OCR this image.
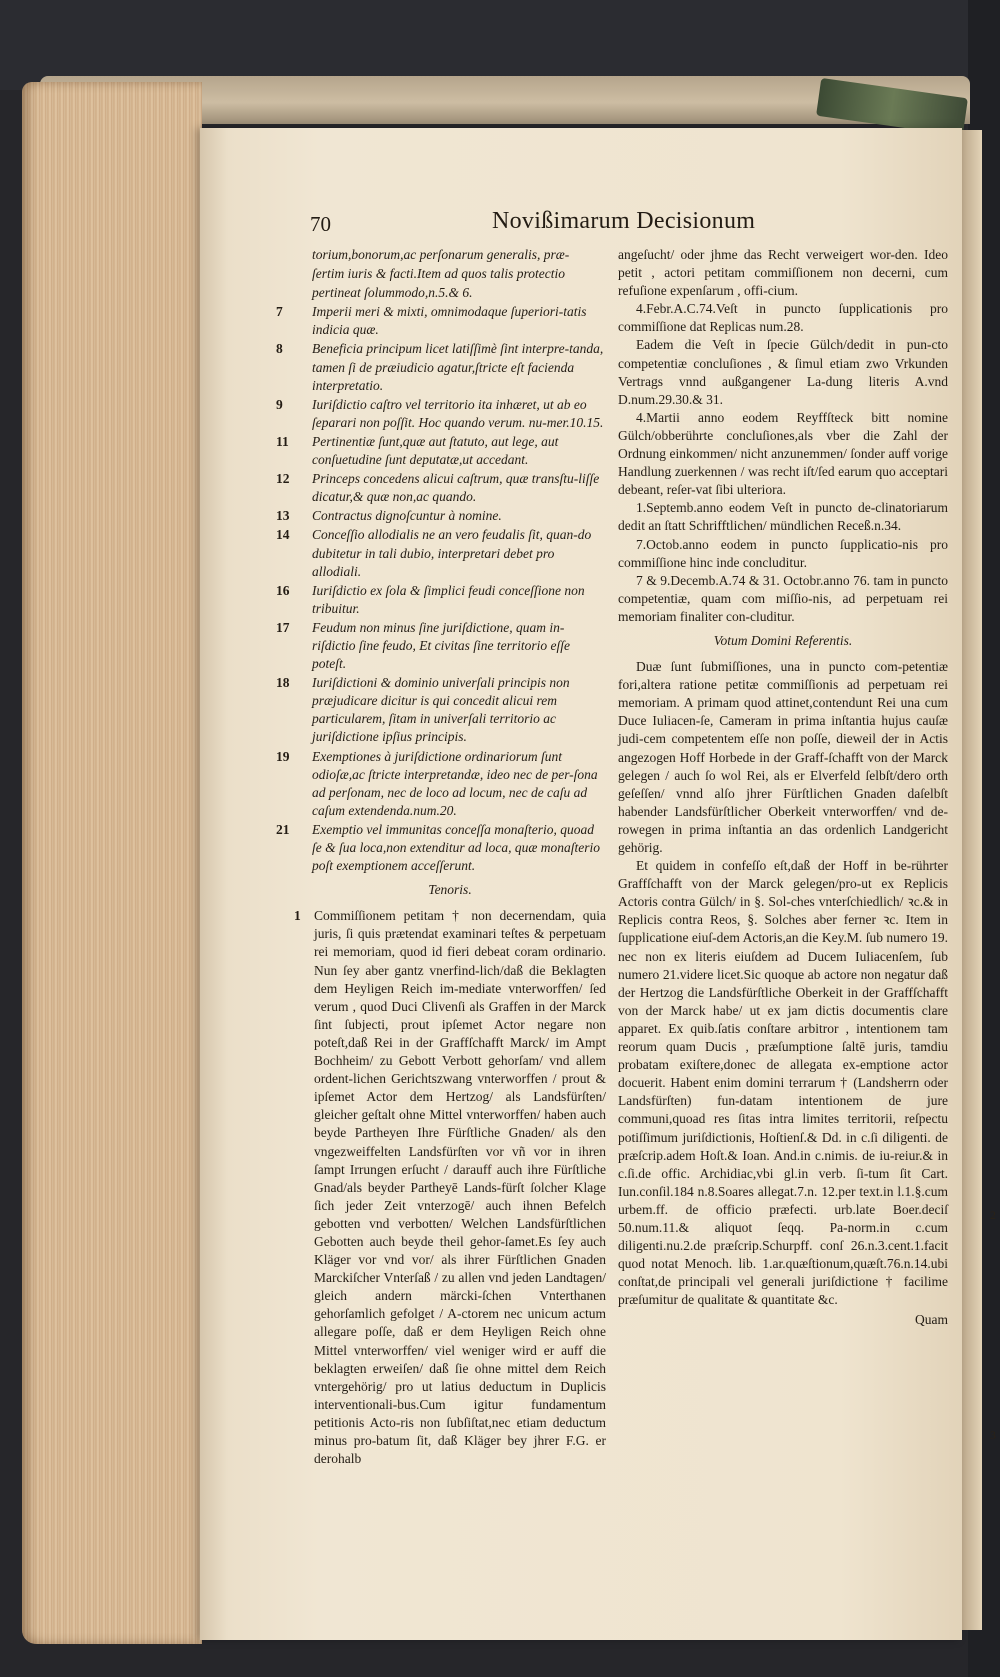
2
3
70	Novißimarum Decisionum

torium,bonorum,ac perſonarum generalis, præ-

ſertim iuris & facti.Item ad quos talis protectio

pertineat ſolummodo,n.5.& 6.

7 Imperii meri & mixti, omnimodaque ſuperiori-tatis indicia quæ.

8 Beneficia principum licet latiſſimè ſint interpre-tanda, tamen ſi de præiudicio agatur,ſtricte eſt facienda interpretatio.

9 Iuriſdictio caſtro vel territorio ita inhæret, ut ab eo ſeparari non poſſit. Hoc quando verum. nu-mer.10.15.

11 Pertinentiæ ſunt,quæ aut ſtatuto, aut lege, aut conſuetudine ſunt deputatæ,ut accedant.

12 Princeps concedens alicui caſtrum, quæ transſtu-liſſe dicatur,& quæ non,ac quando.

13 Contractus dignoſcuntur à nomine.

14 Conceſſio allodialis ne an vero feudalis ſit, quan-do dubitetur in tali dubio, interpretari debet pro allodiali.

16 Iuriſdictio ex ſola & ſimplici feudi conceſſione non tribuitur.

17 Feudum non minus ſine juriſdictione, quam in-riſdictio ſine feudo, Et civitas ſine territorio eſſe poteſt.

18 Iuriſdictioni & dominio univerſali principis non præjudicare dicitur is qui concedit alicui rem particularem, ſitam in univerſali territorio ac juriſdictione ipſius principis.

19 Exemptiones à juriſdictione ordinariorum ſunt odioſæ,ac ſtricte interpretandæ, ideo nec de per-ſona ad perſonam, nec de loco ad locum, nec de caſu ad caſum extendenda.num.20.

21 Exemptio vel immunitas conceſſa monaſterio, quoad ſe & ſua loca,non extenditur ad loca, quæ monaſterio poſt exemptionem acceſſerunt.

Tenoris.

1 Commiſſionem petitam † non decernendam, quia juris, ſi quis prætendat examinari teſtes & perpetuam rei memoriam, quod id fieri debeat coram ordinario. Nun ſey aber gantz vnerfind-lich/daß die Beklagten dem Heyligen Reich im-mediate vnterworffen/ ſed verum , quod Duci Clivenſi als Graffen in der Marck ſint ſubjecti, prout ipſemet Actor negare non poteſt,daß Rei in der Graffſchafft Marck/ im Ampt Bochheim/ zu Gebott Verbott gehorſam/ vnd allem ordent-lichen Gerichtszwang vnterworffen / prout & ipſemet Actor dem Hertzog/ als Landsfürſten/ gleicher geſtalt ohne Mittel vnterworffen/ haben auch beyde Partheyen Ihre Fürſtliche Gnaden/ als den vngezweiffelten Landsfürſten vor vñ vor in ihren ſampt Irrungen erſucht / darauff auch ihre Fürſtliche Gnad/als beyder Partheyē Lands-fürſt ſolcher Klage ſich jeder Zeit vnterzogē/ auch ihnen Befelch gebotten vnd verbotten/ Welchen Landsfürſtlichen Gebotten auch beyde theil gehor-ſamet.Es ſey auch Kläger vor vnd vor/ als ihrer Fürſtlichen Gnaden Marckiſcher Vnterſaß / zu allen vnd jeden Landtagen/ gleich andern märcki-ſchen Vnterthanen gehorſamlich gefolget / A-ctorem nec unicum actum allegare poſſe, daß er dem Heyligen Reich ohne Mittel vnterworffen/ viel weniger wird er auff die beklagten erweiſen/ daß ſie ohne mittel dem Reich vntergehörig/ pro ut latius deductum in Duplicis interventionali-bus.Cum igitur fundamentum petitionis Acto-ris non ſubſiſtat,nec etiam deductum minus pro-batum ſit, daß Kläger bey jhrer F.G. er derohalb

angeſucht/ oder jhme das Recht verweigert wor-den. Ideo petit , actori petitam commiſſionem non decerni, cum refuſione expenſarum , offi-cium.

4.Febr.A.C.74.Veſt in puncto ſupplicationis pro commiſſione dat Replicas num.28.

Eadem die Veſt in ſpecie Gülch/dedit in pun-cto competentiæ concluſiones , & ſimul etiam zwo Vrkunden Vertrags vnnd außgangener La-dung literis A.vnd D.num.29.30.& 31.

4.Martii anno eodem Reyffſteck bitt nomine Gülch/obberührte concluſiones,als vber die Zahl der Ordnung einkommen/ nicht anzunemmen/ ſonder auff vorige Handlung zuerkennen / was recht iſt/ſed earum quo acceptari debeant, reſer-vat ſibi ulteriora.

1.Septemb.anno eodem Veſt in puncto de-clinatoriarum dedit an ſtatt Schrifftlichen/ mündlichen Receß.n.34.

7.Octob.anno eodem in puncto ſupplicatio-nis pro commiſſione hinc inde concluditur.

7 & 9.Decemb.A.74 & 31. Octobr.anno 76. tam in puncto competentiæ, quam com miſſio-nis, ad perpetuam rei memoriam finaliter con-cluditur.

Votum Domini Referentis.

Duæ ſunt ſubmiſſiones, una in puncto com-petentiæ fori,altera ratione petitæ commiſſionis ad perpetuam rei memoriam. A primam quod attinet,contendunt Rei una cum Duce Iuliacen-ſe, Cameram in prima inſtantia hujus cauſæ judi-cem competentem eſſe non poſſe, dieweil der in Actis angezogen Hoff Horbede in der Graff-ſchafft von der Marck gelegen / auch ſo wol Rei, als er Elverfeld ſelbſt/dero orth geſeſſen/ vnnd alſo jhrer Fürſtlichen Gnaden daſelbſt habender Landsfürſtlicher Oberkeit vnterworffen/ vnd de-rowegen in prima inſtantia an das ordenlich Landgericht gehörig.

Et quidem in confeſſo eſt,daß der Hoff in be-rührter Graffſchafft von der Marck gelegen/pro-ut ex Replicis Actoris contra Gülch/ in §. Sol-ches vnterſchiedlich/ ꝛc.& in Replicis contra Reos, §. Solches aber ferner ꝛc. Item in ſupplicatione eiuſ-dem Actoris,an die Key.M. ſub numero 19. nec non ex literis eiuſdem ad Ducem Iuliacenſem, ſub numero 21.videre licet.Sic quoque ab actore non negatur daß der Hertzog die Landsfürſtliche Oberkeit in der Graffſchafft von der Marck habe/ ut ex jam dictis documentis clare apparet. Ex quib.ſatis conſtare arbitror , intentionem tam reorum quam Ducis , præſumptione ſaltē juris, tamdiu probatam exiſtere,donec de allegata ex-emptione actor docuerit. Habent enim domini terrarum † (Landsherrn oder Landsfürſten) fun-datam intentionem de jure communi,quoad res ſitas intra limites territorii, reſpectu potiſſimum juriſdictionis, Hoſtienſ.& Dd. in c.ſi diligenti. de præſcrip.adem Hoſt.& Ioan. And.in c.nimis. de iu-reiur.& in c.ſi.de offic. Archidiac,vbi gl.in verb. ſi-tum ſit Cart. Iun.conſil.184 n.8.Soares allegat.7.n. 12.per text.in l.1.§.cum urbem.ff. de officio præfecti. urb.late Boer.deciſ 50.num.11.& aliquot ſeqq. Pa-norm.in c.cum diligenti.nu.2.de præſcrip.Schurpff. conſ 26.n.3.cent.1.facit quod notat Menoch. lib. 1.ar.quæſtionum,quæſt.76.n.14.ubi conſtat,de principali vel generali juriſdictione † facilime præſumitur de qualitate & quantitate &c.

Quam
